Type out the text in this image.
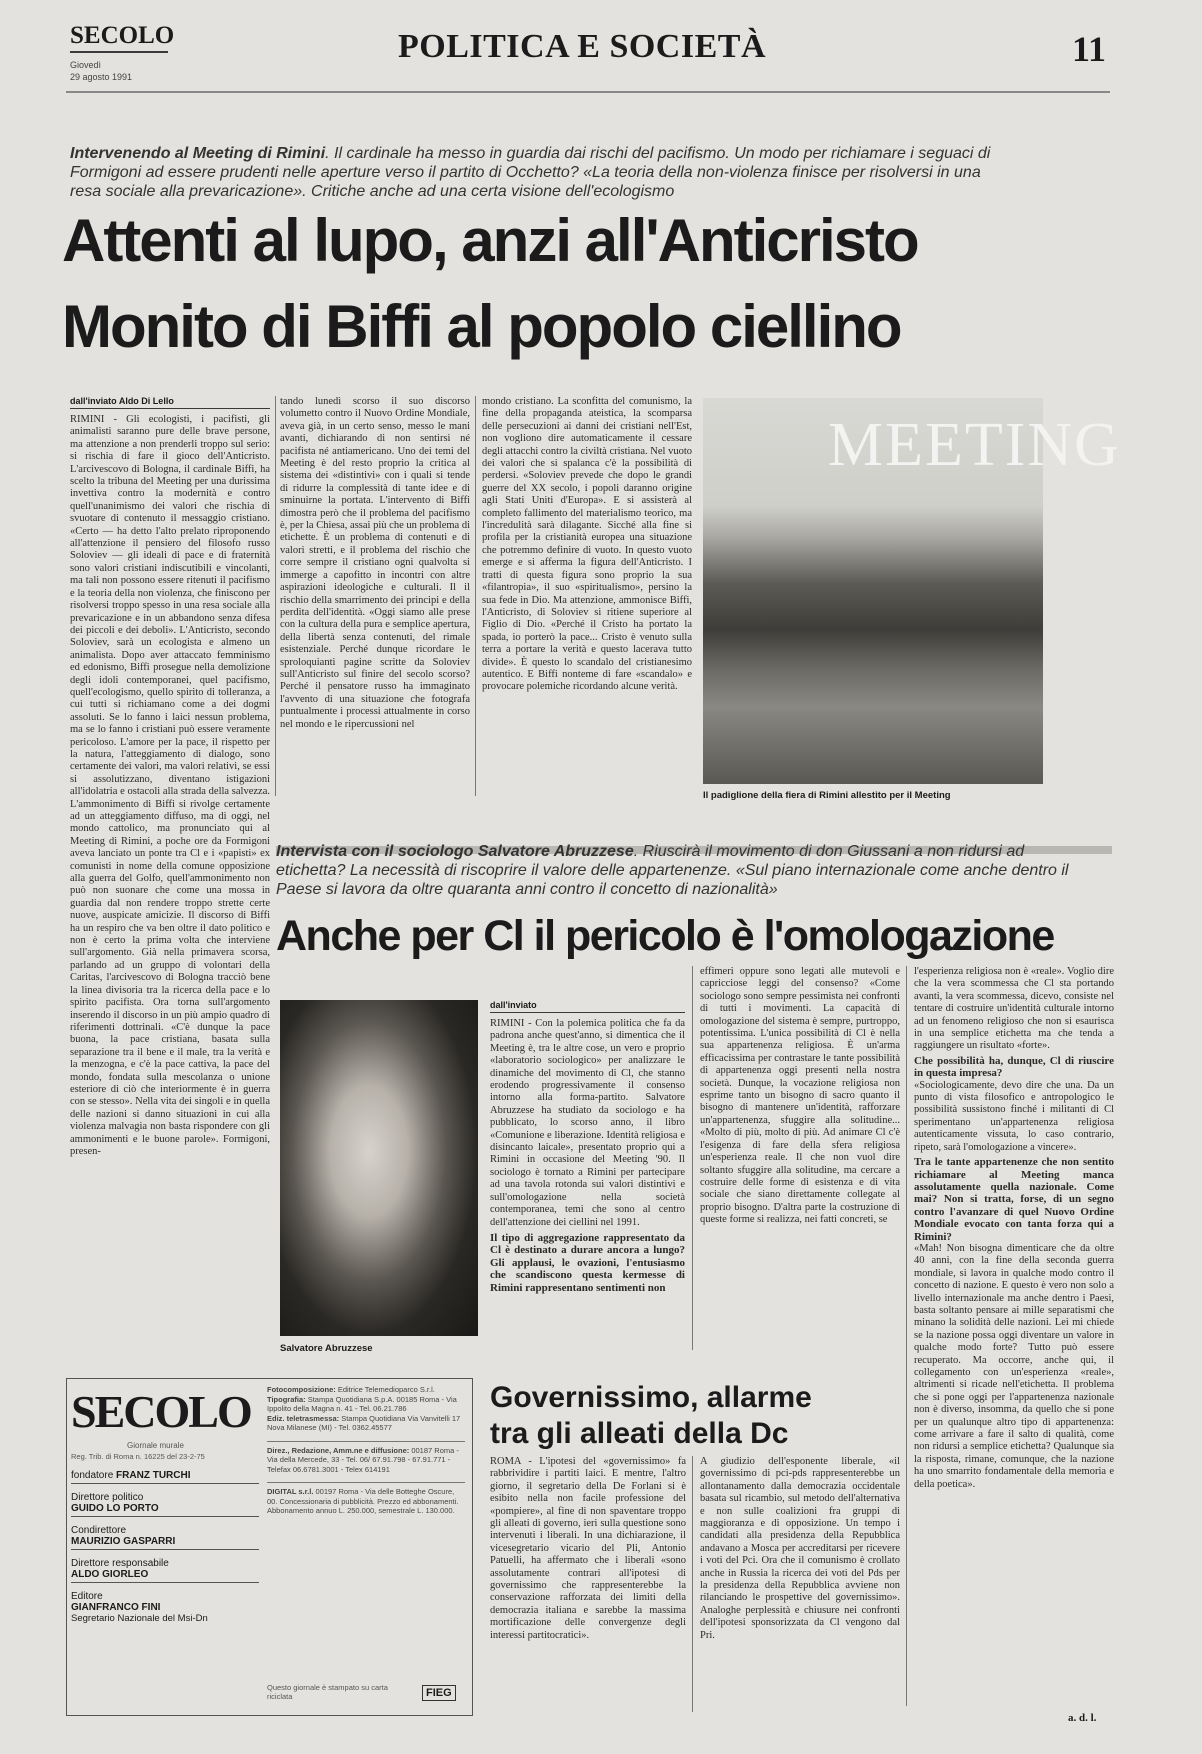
SECOLO
Giovedì
29 agosto 1991
POLITICA E SOCIETÀ	11
Intervenendo al Meeting di Rimini. Il cardinale ha messo in guardia dai rischi del pacifismo. Un modo per richiamare i seguaci di Formigoni ad essere prudenti nelle aperture verso il partito di Occhetto? «La teoria della non-violenza finisce per risolversi in una resa sociale alla prevaricazione». Critiche anche ad una certa visione dell'ecologismo
Attenti al lupo, anzi all'Anticristo
Monito di Biffi al popolo ciellino
dall'inviato Aldo Di Lello
RIMINI - Gli ecologisti, i pacifisti, gli animalisti saranno pure delle brave persone, ma attenzione a non prenderli troppo sul serio: si rischia di fare il gioco dell'Anticristo. L'arcivescovo di Bologna, il cardinale Biffi, ha scelto la tribuna del Meeting per una durissima invettiva contro la modernità e contro quell'unanimismo dei valori che rischia di svuotare di contenuto il messaggio cristiano. «Certo — ha detto l'alto prelato riproponendo all'attenzione il pensiero del filosofo russo Soloviev — gli ideali di pace e di fraternità sono valori cristiani indiscutibili e vincolanti, ma tali non possono essere ritenuti il pacifismo e la teoria della non violenza, che finiscono per risolversi troppo spesso in una resa sociale alla prevaricazione e in un abbandono senza difesa dei piccoli e dei deboli». L'Anticristo, secondo Soloviev, sarà un ecologista e almeno un animalista. Dopo aver attaccato femminismo ed edonismo, Biffi prosegue nella demolizione degli idoli contemporanei, quel pacifismo, quell'ecologismo, quello spirito di tolleranza, a cui tutti si richiamano come a dei dogmi assoluti. Se lo fanno i laici nessun problema, ma se lo fanno i cristiani può essere veramente pericoloso. L'amore per la pace, il rispetto per la natura, l'atteggiamento di dialogo, sono certamente dei valori, ma valori relativi, se essi si assolutizzano, diventano istigazioni all'idolatria e ostacoli alla strada della salvezza. L'ammonimento di Biffi si rivolge certamente ad un atteggiamento diffuso, ma di oggi, nel mondo cattolico, ma pronunciato qui al Meeting di Rimini, a poche ore da Formigoni aveva lanciato un ponte tra Cl e i «papisti» ex comunisti in nome della comune opposizione alla guerra del Golfo, quell'ammonimento non può non suonare che come una mossa in guardia dal non rendere troppo strette certe nuove, auspicate amicizie. Il discorso di Biffi ha un respiro che va ben oltre il dato politico e non è certo la prima volta che interviene sull'argomento. Già nella primavera scorsa, parlando ad un gruppo di volontari della Caritas, l'arcivescovo di Bologna tracciò bene la linea divisoria tra la ricerca della pace e lo spirito pacifista. Ora torna sull'argomento inserendo il discorso in un più ampio quadro di riferimenti dottrinali. «C'è dunque la pace buona, la pace cristiana, basata sulla separazione tra il bene e il male, tra la verità e la menzogna, e c'è la pace cattiva, la pace del mondo, fondata sulla mescolanza o unione esteriore di ciò che interiormente è in guerra con se stesso». Nella vita dei singoli e in quella delle nazioni si danno situazioni in cui alla violenza malvagia non basta rispondere con gli ammonimenti e le buone parole». Formigoni, presen-
tando lunedì scorso il suo discorso volumetto contro il Nuovo Ordine Mondiale, aveva già, in un certo senso, messo le mani avanti, dichiarando di non sentirsi né pacifista né antiamericano. Uno dei temi del Meeting è del resto proprio la critica al sistema dei «distintivi» con i quali si tende di ridurre la complessità di tante idee e di sminuirne la portata. L'intervento di Biffi dimostra però che il problema del pacifismo è, per la Chiesa, assai più che un problema di etichette. È un problema di contenuti e di valori stretti, e il problema del rischio che corre sempre il cristiano ogni qualvolta si immerge a capofitto in incontri con altre aspirazioni ideologiche e culturali. Il il rischio della smarrimento dei principi e della perdita dell'identità. «Oggi siamo alle prese con la cultura della pura e semplice apertura, della libertà senza contenuti, del rimale esistenziale. Perché dunque ricordare le sproloquianti pagine scritte da Soloviev sull'Anticristo sul finire del secolo scorso? Perché il pensatore russo ha immaginato l'avvento di una situazione che fotografa puntualmente i processi attualmente in corso nel mondo e le ripercussioni nel
mondo cristiano. La sconfitta del comunismo, la fine della propaganda ateistica, la scomparsa delle persecuzioni ai danni dei cristiani nell'Est, non vogliono dire automaticamente il cessare degli attacchi contro la civiltà cristiana. Nel vuoto dei valori che si spalanca c'è la possibilità di perdersi. «Soloviev prevede che dopo le grandi guerre del XX secolo, i popoli daranno origine agli Stati Uniti d'Europa». E si assisterà al completo fallimento del materialismo teorico, ma l'incredulità sarà dilagante. Sicché alla fine si profila per la cristianità europea una situazione che potremmo definire di vuoto. In questo vuoto emerge e si afferma la figura dell'Anticristo. I tratti di questa figura sono proprio la sua «filantropia», il suo «spiritualismo», persino la sua fede in Dio. Ma attenzione, ammonisce Biffi, l'Anticristo, di Soloviev si ritiene superiore al Figlio di Dio. «Perché il Cristo ha portato la spada, io porterò la pace... Cristo è venuto sulla terra a portare la verità e questo lacerava tutto divide». È questo lo scandalo del cristianesimo autentico. E Biffi nonteme di fare «scandalo» e provocare polemiche ricordando alcune verità.
MEETING
Il padiglione della fiera di Rimini allestito per il Meeting
Intervista con il sociologo Salvatore Abruzzese. Riuscirà il movimento di don Giussani a non ridursi ad etichetta? La necessità di riscoprire il valore delle appartenenze. «Sul piano internazionale come anche dentro il Paese si lavora da oltre quaranta anni contro il concetto di nazionalità»
Anche per Cl il pericolo è l'omologazione
Salvatore Abruzzese
dall'inviato
RIMINI - Con la polemica politica che fa da padrona anche quest'anno, si dimentica che il Meeting è, tra le altre cose, un vero e proprio «laboratorio sociologico» per analizzare le dinamiche del movimento di Cl, che stanno erodendo progressivamente il consenso intorno alla forma-partito. Salvatore Abruzzese ha studiato da sociologo e ha pubblicato, lo scorso anno, il libro «Comunione e liberazione. Identità religiosa e disincanto laicale», presentato proprio qui a Rimini in occasione del Meeting '90. Il sociologo è tornato a Rimini per partecipare ad una tavola rotonda sui valori distintivi e sull'omologazione nella società contemporanea, temi che sono al centro dell'attenzione dei ciellini nel 1991.
Il tipo di aggregazione rappresentato da Cl è destinato a durare ancora a lungo? Gli applausi, le ovazioni, l'entusiasmo che scandiscono questa kermesse di Rimini rappresentano sentimenti non
effimeri oppure sono legati alle mutevoli e capricciose leggi del consenso? «Come sociologo sono sempre pessimista nei confronti di tutti i movimenti. La capacità di omologazione del sistema è sempre, purtroppo, potentissima. L'unica possibilità di Cl è nella sua appartenenza religiosa. È un'arma efficacissima per contrastare le tante possibilità di appartenenza oggi presenti nella nostra società. Dunque, la vocazione religiosa non esprime tanto un bisogno di sacro quanto il bisogno di mantenere un'identità, rafforzare un'appartenenza, sfuggire alla solitudine... «Molto di più, molto di più. Ad animare Cl c'è l'esigenza di fare della sfera religiosa un'esperienza reale. Il che non vuol dire soltanto sfuggire alla solitudine, ma cercare a costruire delle forme di esistenza e di vita sociale che siano direttamente collegate al proprio bisogno. D'altra parte la costruzione di queste forme si realizza, nei fatti concreti, se
l'esperienza religiosa non è «reale». Voglio dire che la vera scommessa che Cl sta portando avanti, la vera scommessa, dicevo, consiste nel tentare di costruire un'identità culturale intorno ad un fenomeno religioso che non si esaurisca in una semplice etichetta ma che tenda a raggiungere un risultato «forte».
Che possibilità ha, dunque, Cl di riuscire in questa impresa?
«Sociologicamente, devo dire che una. Da un punto di vista filosofico e antropologico le possibilità sussistono finché i militanti di Cl sperimentano un'appartenenza religiosa autenticamente vissuta, lo caso contrario, ripeto, sarà l'omologazione a vincere».
Tra le tante appartenenze che non sentito richiamare al Meeting manca assolutamente quella nazionale. Come mai? Non si tratta, forse, di un segno contro l'avanzare di quel Nuovo Ordine Mondiale evocato con tanta forza qui a Rimini?
«Mah! Non bisogna dimenticare che da oltre 40 anni, con la fine della seconda guerra mondiale, si lavora in qualche modo contro il concetto di nazione. E questo è vero non solo a livello internazionale ma anche dentro i Paesi, basta soltanto pensare ai mille separatismi che minano la solidità delle nazioni. Lei mi chiede se la nazione possa oggi diventare un valore in qualche modo forte? Tutto può essere recuperato. Ma occorre, anche qui, il collegamento con un'esperienza «reale», altrimenti si ricade nell'etichetta. Il problema che si pone oggi per l'appartenenza nazionale non è diverso, insomma, da quello che si pone per un qualunque altro tipo di appartenenza: come arrivare a fare il salto di qualità, come non ridursi a semplice etichetta? Qualunque sia la risposta, rimane, comunque, che la nazione ha uno smarrito fondamentale della memoria e della poetica».
a. d. l.
Governissimo, allarme
tra gli alleati della Dc
ROMA - L'ipotesi del «governissimo» fa rabbrividire i partiti laici. E mentre, l'altro giorno, il segretario della De Forlani si è esibito nella non facile professione del «pompiere», al fine di non spaventare troppo gli alleati di governo, ieri sulla questione sono intervenuti i liberali. In una dichiarazione, il vicesegretario vicario del Pli, Antonio Patuelli, ha affermato che i liberali «sono assolutamente contrari all'ipotesi di governissimo che rappresenterebbe la conservazione rafforzata dei limiti della democrazia italiana e sarebbe la massima mortificazione delle convergenze degli interessi partitocratici».
A giudizio dell'esponente liberale, «il governissimo di pci-pds rappresenterebbe un allontanamento dalla democrazia occidentale basata sul ricambio, sul metodo dell'alternativa e non sulle coalizioni fra gruppi di maggioranza e di opposizione. Un tempo i candidati alla presidenza della Repubblica andavano a Mosca per accreditarsi per ricevere i voti del Pci. Ora che il comunismo è crollato anche in Russia la ricerca dei voti del Pds per la presidenza della Repubblica avviene non rilanciando le prospettive del governissimo». Analoghe perplessità e chiusure nei confronti dell'ipotesi sponsorizzata da Cl vengono dal Pri.
SECOLO
Giornale murale
Reg. Trib. di Roma n. 16225 del 23-2-75
fondatore FRANZ TURCHI
Direttore politico
GUIDO LO PORTO
Condirettore
MAURIZIO GASPARRI
Direttore responsabile
ALDO GIORLEO
Editore
GIANFRANCO FINI
Segretario Nazionale del Msi-Dn
Fotocomposizione: Editrice Telemedioparco S.r.l.
Tipografia: Stampa Quotidiana S.p.A. 00185 Roma - Via Ippolito della Magna n. 41 - Tel. 06.21.786
Ediz. teletrasmessa: Stampa Quotidiana Via Vanvitelli 17 Nova Milanese (MI) - Tel. 0362.45577
Direz., Redazione, Amm.ne e diffusione: 00187 Roma - Via della Mercede, 33 - Tel. 06/ 67.91.798 - 67.91.771 - Telefax 06.6781.3001 - Telex 614191
DIGITAL s.r.l. 00197 Roma - Via delle Botteghe Oscure, 00. Concessionaria di pubblicità. Prezzo ed abbonamenti. Abbonamento annuo L. 250.000, semestrale L. 130.000.
Questo giornale è stampato su carta riciclata	FIEG
